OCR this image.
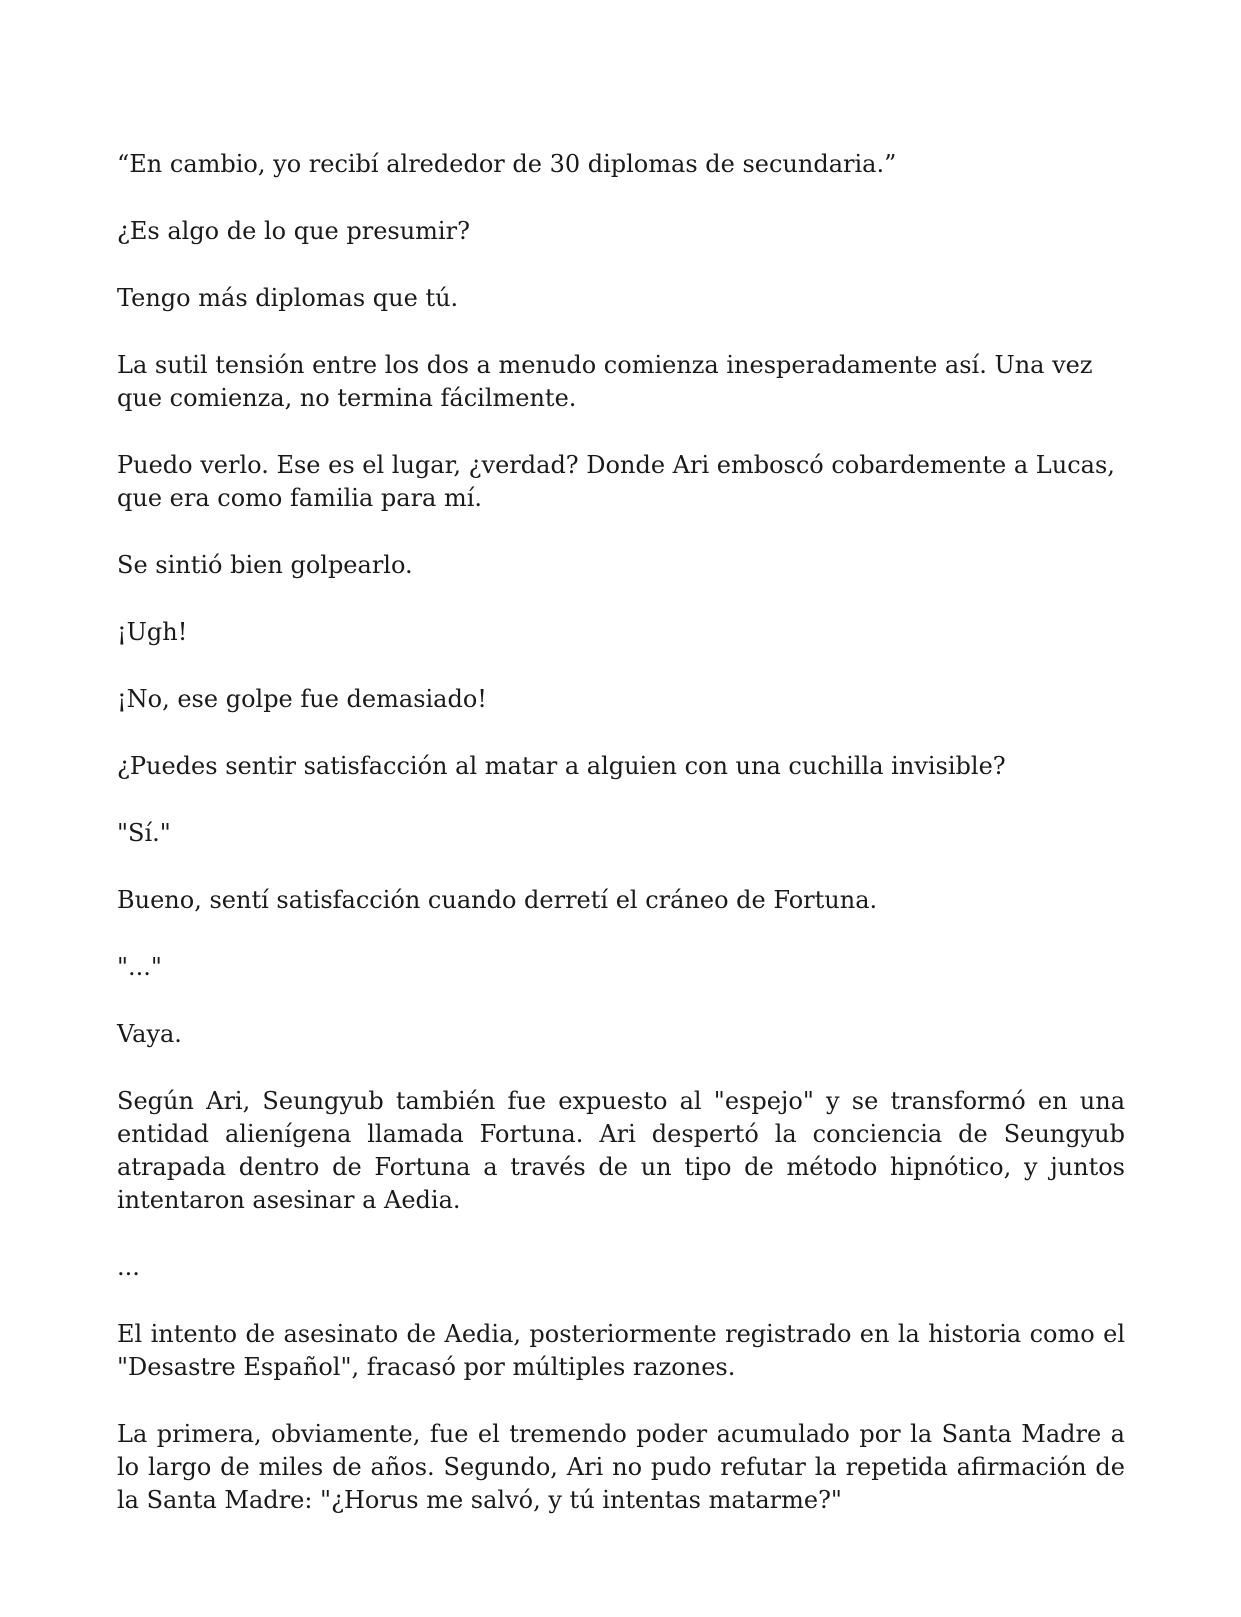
“En cambio, yo recibí alrededor de 30 diplomas de secundaria.”

¿Es algo de lo que presumir?

Tengo más diplomas que tú.

La sutil tensión entre los dos a menudo comienza inesperadamente así. Una vez que comienza, no termina fácilmente.

Puedo verlo. Ese es el lugar, ¿verdad? Donde Ari emboscó cobardemente a Lucas, que era como familia para mí.

Se sintió bien golpearlo.

¡Ugh!

¡No, ese golpe fue demasiado!

¿Puedes sentir satisfacción al matar a alguien con una cuchilla invisible?

"Sí."

Bueno, sentí satisfacción cuando derretí el cráneo de Fortuna.

"..."

Vaya.

Según Ari, Seungyub también fue expuesto al "espejo" y se transformó en una entidad alienígena llamada Fortuna. Ari despertó la conciencia de Seungyub atrapada dentro de Fortuna a través de un tipo de método hipnótico, y juntos intentaron asesinar a Aedia.

...

El intento de asesinato de Aedia, posteriormente registrado en la historia como el "Desastre Español", fracasó por múltiples razones.

La primera, obviamente, fue el tremendo poder acumulado por la Santa Madre a lo largo de miles de años. Segundo, Ari no pudo refutar la repetida afirmación de la Santa Madre: "¿Horus me salvó, y tú intentas matarme?"
